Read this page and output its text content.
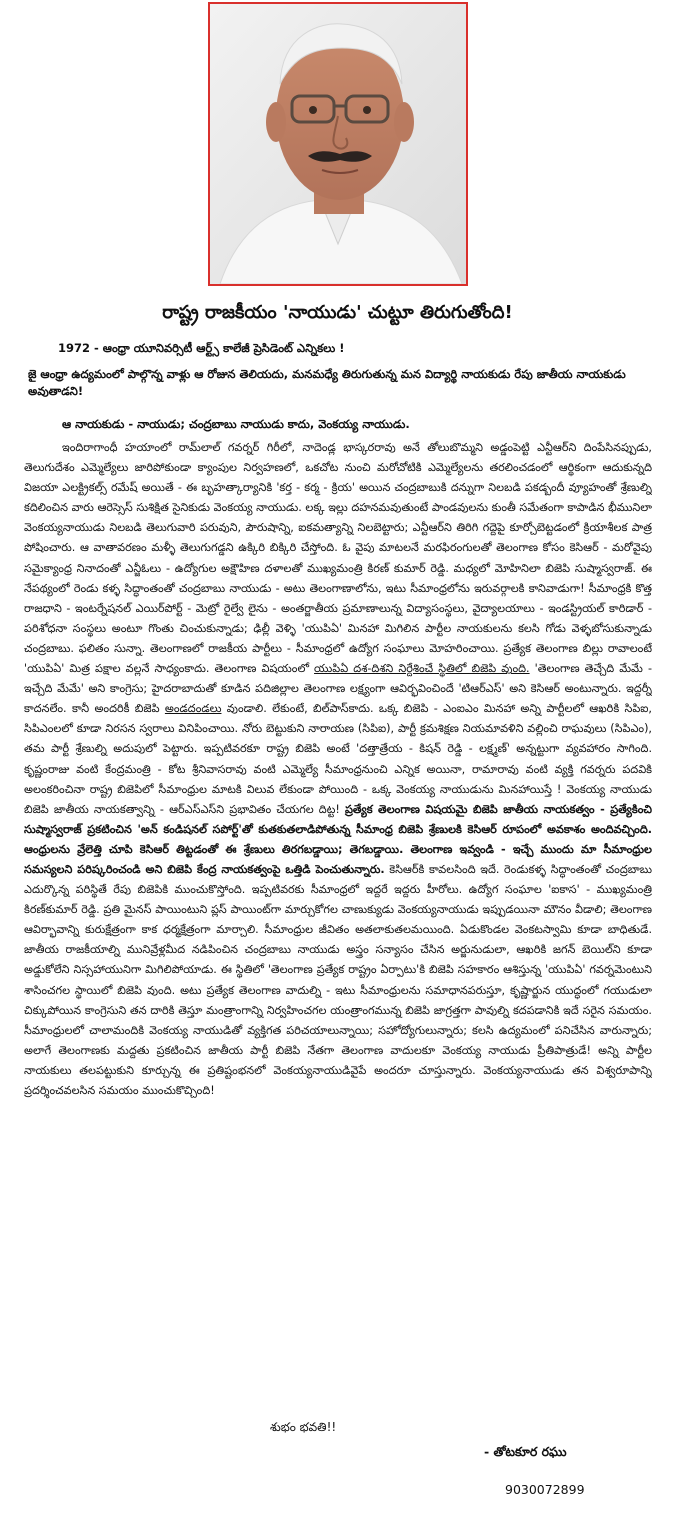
రాష్ట్ర రాజకీయం 'నాయుడు' చుట్టూ తిరుగుతోంది!

1972 - ఆంధ్రా యూనివర్సిటీ ఆర్ట్స్ కాలేజీ ప్రెసిడెంట్ ఎన్నికలు !

జై ఆంధ్రా ఉద్యమంలో పాల్గొన్న వాళ్లు ఆ రోజున తెలియదు, మనమధ్యే తిరుగుతున్న మన విద్యార్థి నాయకుడు రేపు జాతీయ నాయకుడు అవుతాడని!

ఆ నాయకుడు - నాయుడు; చంద్రబాబు నాయుడు కాదు, వెంకయ్య నాయుడు.

ఇందిరాగాంధీ హయాంలో రామ్‌లాల్ గవర్నర్ గిరీలో, నాదెండ్ల భాస్కరరావు అనే తోలుబొమ్మని అడ్డంపెట్టి ఎన్టీఆర్‌ని దింపేసినప్పుడు, తెలుగుదేశం ఎమ్మెల్యేలు జారిపోకుండా క్యాంపుల నిర్వహణలో, ఒకచోట నుంచి మరోచోటికి ఎమ్మెల్యేలను తరలించడంలో ఆర్థికంగా ఆదుకున్నది విజయా ఎలక్ట్రికల్స్ రమేష్ అయితే - ఈ బృహత్కార్యానికి 'కర్త - కర్మ - క్రియ' అయిన చంద్రబాబుకి దన్నుగా నిలబడి పకడ్బందీ వ్యూహంతో శ్రేణుల్ని కదిలించిన వారు ఆరెస్సెస్ సుశిక్షిత సైనికుడు వెంకయ్య నాయుడు. లక్క ఇల్లు దహనమవుతుంటే పాండవులను కుంతీ సమేతంగా కాపాడిన భీమునిలా వెంకయ్యనాయుడు నిలబడి తెలుగువారి పరువుని, పౌరుషాన్ని, ఐకమత్యాన్ని నిలబెట్టారు; ఎన్టీఆర్‌ని తిరిగి గద్దెపై కూర్చోబెట్టడంలో క్రియాశీలక పాత్ర పోషించారు. ఆ వాతావరణం మళ్ళీ తెలుగుగడ్డని ఉక్కిరి బిక్కిరి చేస్తోంది. ఓ వైపు మాటలనే మరఫిరంగులతో తెలంగాణ కోసం కెసిఆర్ - మరోవైపు సమైక్యాంధ్ర నినాదంతో ఎన్జీఓలు - ఉద్యోగుల అక్షౌహిణ దళాలతో ముఖ్యమంత్రి కిరణ్ కుమార్ రెడ్డి. మధ్యలో మోహినిలా బిజెపి సుష్మాస్వరాజ్. ఈ నేపథ్యంలో రెండు కళ్ళ సిద్ధాంతంతో చంద్రబాబు నాయుడు - అటు తెలంగాణాలోను, ఇటు సీమాంధ్రలోను ఇరువర్గాలకి కానివాడుగా! సీమాంధ్రకి కొత్త రాజధాని - ఇంటర్నేషనల్ ఎయిర్‌పోర్ట్ - మెట్రో రైల్వే లైను - అంతర్జాతీయ ప్రమాణాలున్న విద్యాసంస్థలు, వైద్యాలయాలు - ఇండస్ట్రియల్ కారిడార్ - పరిశోధనా సంస్థలు అంటూ గొంతు చించుకున్నాడు; ఢిల్లీ వెళ్ళి 'యుపిఏ' మినహా మిగిలిన పార్టీల నాయకులను కలసి గోడు వెళ్ళబోసుకున్నాడు చంద్రబాబు. ఫలితం సున్నా. తెలంగాణలో రాజకీయ పార్టీలు - సీమాంధ్రలో ఉద్యోగ సంఘాలు మోహరించాయి. ప్రత్యేక తెలంగాణ బిల్లు రావాలంటే 'యుపిఏ' మిత్ర పక్షాల వల్లనే సాధ్యంకాదు. తెలంగాణ విషయంలో యుపిఏ దశ-దిశని నిర్దేశించే స్థితిలో బిజెపి వుంది. 'తెలంగాణ తెచ్చేది మేమే - ఇచ్చేది మేమే' అని కాంగ్రెసు; హైదరాబాదుతో కూడిన పదిజిల్లాల తెలంగాణ లక్ష్యంగా ఆవిర్భవించిందే 'టిఆర్ఎస్' అని కెసిఆర్ అంటున్నారు. ఇద్దర్నీ కాదనలేం. కానీ అందరికీ బిజెపి అండదండలు వుండాలి. లేకుంటే, బిల్‌పాస్‌కాదు. ఒక్క బిజెపి - ఎంఐఎం మినహా అన్ని పార్టీలలో ఆఖరికి సిపిఐ, సిపిఎంలలో కూడా నిరసన స్వరాలు వినిపించాయి. నోరు బెట్టుకుని నారాయణ (సిపిఐ), పార్టీ క్రమశిక్షణ నియమావళిని వల్లించి రాఘవులు (సిపిఎం), తమ పార్టీ శ్రేణుల్ని అదుపులో పెట్టారు. ఇప్పటివరకూ రాష్ట్ర బిజెపి అంటే 'దత్తాత్రేయ - కిషన్ రెడ్డి - లక్ష్మణ్' అన్నట్టుగా వ్యవహారం సాగింది. కృష్ణంరాజు వంటి కేంద్రమంత్రి - కోట శ్రీనివాసరావు వంటి ఎమ్మెల్యే సీమాంధ్రనుంచి ఎన్నిక అయినా, రామారావు వంటి వ్యక్తి గవర్నరు పదవికి అలంకరించినా రాష్ట్ర బిజెపిలో సీమాంధ్రుల మాటకి విలువ లేకుండా పోయింది - ఒక్క వెంకయ్య నాయుడును మినహాయిస్తే ! వెంకయ్య నాయుడు బిజెపి జాతీయ నాయకత్వాన్ని - ఆర్ఎస్ఎస్‌ని ప్రభావితం చేయగల దిట్ట! ప్రత్యేక తెలంగాణ విషయమై బిజెపి జాతీయ నాయకత్వం - ప్రత్యేకించి సుష్మాస్వరాజ్ ప్రకటించిన 'అన్ కండిషనల్ సపోర్ట్'తో కుతకుతలాడిపోతున్న సీమాంధ్ర బిజెపి శ్రేణులకి కెసిఆర్ రూపంలో అవకాశం అందివచ్చింది. ఆంధ్రులను వ్రేలెత్తి చూపి కెసిఆర్ తిట్టడంతో ఈ శ్రేణులు తిరగబడ్డాయి; తెగబడ్డాయి. తెలంగాణ ఇవ్వండి - ఇచ్చే ముందు మా సీమాంధ్రుల సమస్యలని పరిష్కరించండి అని బిజెపి కేంద్ర నాయకత్వంపై ఒత్తిడి పెంచుతున్నారు. కెసిఆర్‌కి కావలసింది ఇదే. రెండుకళ్ళ సిద్ధాంతంతో చంద్రబాబు ఎదుర్కొన్న పరిస్థితే రేపు బిజెపికి ముంచుకొస్తోంది. ఇప్పటివరకు సీమాంధ్రలో ఇద్దరే ఇద్దరు హీరోలు. ఉద్యోగ సంఘాల 'ఐకాస' - ముఖ్యమంత్రి కిరణ్‌కుమార్ రెడ్డి. ప్రతి మైనస్ పాయింటుని ప్లస్ పాయింట్‌గా మార్చుకోగల చాణుక్యుడు వెంకయ్యనాయుడు ఇప్పుడయినా మౌనం వీడాలి; తెలంగాణ ఆవిర్భావాన్ని కురుక్షేత్రంగా కాక ధర్మక్షేత్రంగా మార్చాలి. సీమాంధ్రుల జీవితం అతలాకుతలమయింది. ఏడుకొండల వెంకటస్వామి కూడా బాధితుడే. జాతీయ రాజకీయాల్ని మునివ్రేళ్లమీద నడిపించిన చంద్రబాబు నాయుడు అస్త్రం సన్యాసం చేసిన అర్జునుడులా, ఆఖరికి జగన్ బెయిల్‌ని కూడా అడ్డుకోలేని నిస్సహాయునిగా మిగిలిపోయాడు. ఈ స్థితిలో 'తెలంగాణ ప్రత్యేక రాష్ట్రం ఏర్పాటు'కి బిజెపి సహకారం ఆశిస్తున్న 'యుపిఏ' గవర్నమెంటుని శాసించగల స్థాయిలో బిజెపి వుంది. అటు ప్రత్యేక తెలంగాణ వాదుల్ని - ఇటు సీమాంధ్రులను సమాధానపరుస్తూ, కృష్ణార్జున యుద్ధంలో గయుడులా చిక్కుపోయిన కాంగ్రెసుని తన దారికి తెస్తూ మంత్రాంగాన్ని నిర్వహించగల యంత్రాంగమున్న బిజెపి జాగ్రత్తగా పావుల్ని కదపడానికి ఇదే సరైన సమయం. సీమాంధ్రులలో చాలామందికి వెంకయ్య నాయుడితో వ్యక్తిగత పరిచయాలున్నాయి; సహోద్యోగులున్నారు; కలసి ఉద్యమంలో పనిచేసిన వారున్నారు; అలాగే తెలంగాణకు మద్దతు ప్రకటించిన జాతీయ పార్టీ బిజెపి నేతగా తెలంగాణ వాదులకూ వెంకయ్య నాయుడు ప్రీతిపాత్రుడే! అన్ని పార్టీల నాయకులు తలపట్టుకుని కూర్చున్న ఈ ప్రతిష్టంభనలో వెంకయ్యనాయుడివైపే అందరూ చూస్తున్నారు. వెంకయ్యనాయుడు తన విశ్వరూపాన్ని ప్రదర్శించవలసిన సమయం ముంచుకొచ్చింది!

శుభం భవతి!!

- తోటకూర రఘు

9030072899
